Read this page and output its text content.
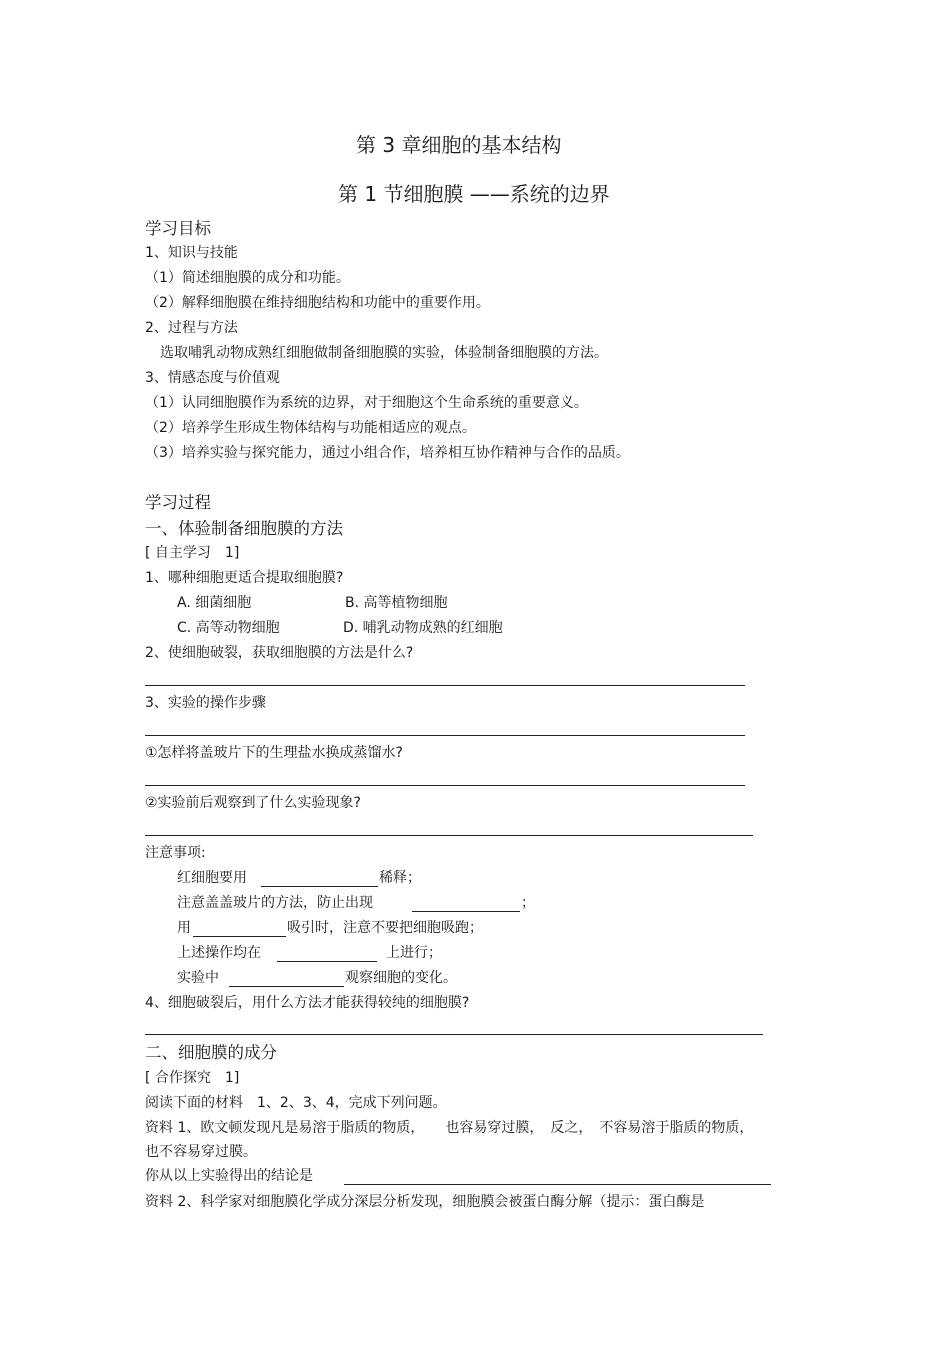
第 3 章细胞的基本结构
第 1 节细胞膜 ——系统的边界
学习目标
1、知识与技能
（1）简述细胞膜的成分和功能。
（2）解释细胞膜在维持细胞结构和功能中的重要作用。
2、过程与方法
选取哺乳动物成熟红细胞做制备细胞膜的实验，体验制备细胞膜的方法。
3、情感态度与价值观
（1）认同细胞膜作为系统的边界，对于细胞这个生命系统的重要意义。
（2）培养学生形成生物体结构与功能相适应的观点。
（3）培养实验与探究能力，通过小组合作，培养相互协作精神与合作的品质。
学习过程
一、体验制备细胞膜的方法
[ 自主学习　1]
1、哪种细胞更适合提取细胞膜?
A. 细菌细胞	B. 高等植物细胞
C. 高等动物细胞	D. 哺乳动物成熟的红细胞
2、使细胞破裂，获取细胞膜的方法是什么?
3、实验的操作步骤
①怎样将盖玻片下的生理盐水换成蒸馏水?
②实验前后观察到了什么实验现象?
注意事项:
红细胞要用	稀释；
注意盖盖玻片的方法，防止出现	；
用	吸引时，注意不要把细胞吸跑；
上述操作均在	上进行；
实验中	观察细胞的变化。
4、细胞破裂后，用什么方法才能获得较纯的细胞膜?
二、细胞膜的成分
[ 合作探究　1]
阅读下面的材料　1、2、3、4，完成下列问题。
资料 1、欧文顿发现凡是易溶于脂质的物质，　　也容易穿过膜，　反之，　不容易溶于脂质的物质，
也不容易穿过膜。
你从以上实验得出的结论是
资料 2、科学家对细胞膜化学成分深层分析发现，细胞膜会被蛋白酶分解（提示：蛋白酶是
